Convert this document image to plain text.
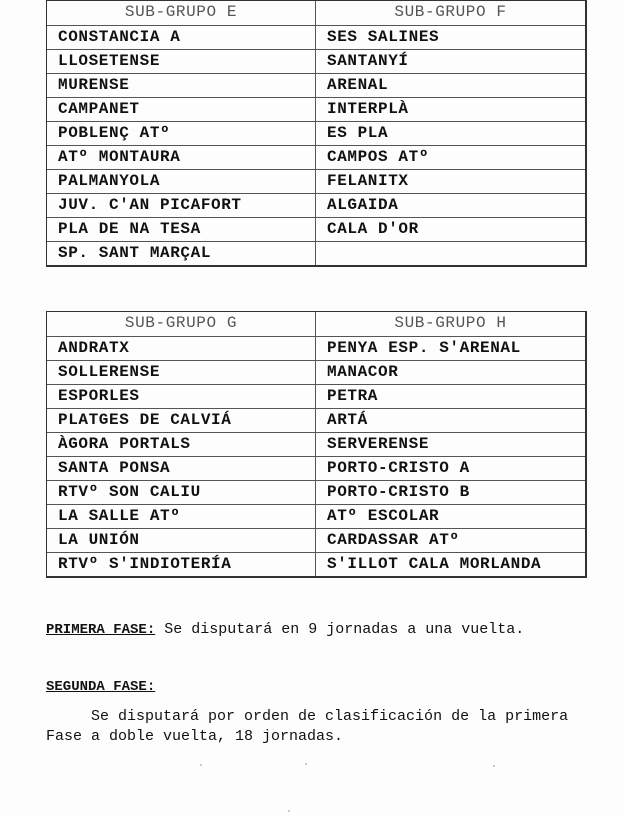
SUB-GRUPO E	SUB-GRUPO F
CONSTANCIA A	SES SALINES
LLOSETENSE	SANTANYÍ
MURENSE	ARENAL
CAMPANET	INTERPLÀ
POBLENÇ ATº	ES PLA
ATº MONTAURA	CAMPOS ATº
PALMANYOLA	FELANITX
JUV. C'AN PICAFORT	ALGAIDA
PLA DE NA TESA	CALA D'OR
SP. SANT MARÇAL
SUB-GRUPO G	SUB-GRUPO H
ANDRATX	PENYA ESP. S'ARENAL
SOLLERENSE	MANACOR
ESPORLES	PETRA
PLATGES DE CALVIÁ	ARTÁ
ÀGORA PORTALS	SERVERENSE
SANTA PONSA	PORTO-CRISTO A
RTVº SON CALIU	PORTO-CRISTO B
LA SALLE ATº	ATº ESCOLAR
LA UNIÓN	CARDASSAR ATº
RTVº S'INDIOTERÍA	S'ILLOT CALA MORLANDA
PRIMERA FASE: Se disputará en 9 jornadas a una vuelta.
SEGUNDA FASE:
Se disputará por orden de clasificación de la primera
Fase a doble vuelta, 18 jornadas.
